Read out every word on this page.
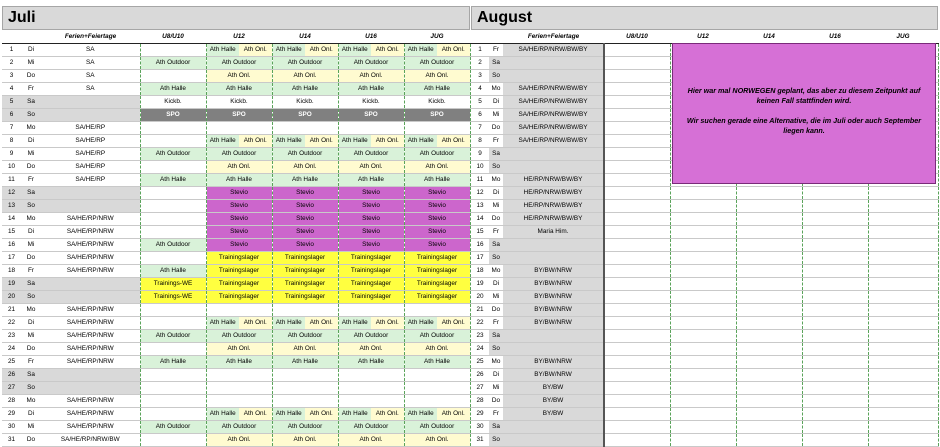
Juli	August
		Ferien+Feiertage	U8/U10	U12	U14	U16	JUG
1	Di	SA		Ath Halle Ath Onl.	Ath Halle Ath Onl.	Ath Halle Ath Onl.	Ath Halle Ath Onl.

2	Mi	SA	Ath Outdoor	Ath Outdoor	Ath Outdoor	Ath Outdoor	Ath Outdoor
3	Do	SA		Ath Onl.	Ath Onl.	Ath Onl.	Ath Onl.
4	Fr	SA	Ath Halle	Ath Halle	Ath Halle	Ath Halle	Ath Halle
5	Sa		Kickb.	Kickb.	Kickb.	Kickb.	Kickb.
6	So		SPO	SPO	SPO	SPO	SPO
7	Mo	SA/HE/RP					
8	Di	SA/HE/RP		Ath Halle Ath Onl.	Ath Halle Ath Onl.	Ath Halle Ath Onl.	Ath Halle Ath Onl.

9	Mi	SA/HE/RP	Ath Outdoor	Ath Outdoor	Ath Outdoor	Ath Outdoor	Ath Outdoor
10	Do	SA/HE/RP		Ath Onl.	Ath Onl.	Ath Onl.	Ath Onl.
11	Fr	SA/HE/RP	Ath Halle	Ath Halle	Ath Halle	Ath Halle	Ath Halle
12	Sa			Stevio	Stevio	Stevio	Stevio
13	So			Stevio	Stevio	Stevio	Stevio
14	Mo	SA/HE/RP/NRW		Stevio	Stevio	Stevio	Stevio
15	Di	SA/HE/RP/NRW		Stevio	Stevio	Stevio	Stevio
16	Mi	SA/HE/RP/NRW	Ath Outdoor	Stevio	Stevio	Stevio	Stevio
17	Do	SA/HE/RP/NRW		Trainingslager	Trainingslager	Trainingslager	Trainingslager
18	Fr	SA/HE/RP/NRW	Ath Halle	Trainingslager	Trainingslager	Trainingslager	Trainingslager
19	Sa		Trainings-WE	Trainingslager	Trainingslager	Trainingslager	Trainingslager
20	So		Trainings-WE	Trainingslager	Trainingslager	Trainingslager	Trainingslager
21	Mo	SA/HE/RP/NRW					
22	Di	SA/HE/RP/NRW		Ath Halle Ath Onl.	Ath Halle Ath Onl.	Ath Halle Ath Onl.	Ath Halle Ath Onl.

23	Mi	SA/HE/RP/NRW	Ath Outdoor	Ath Outdoor	Ath Outdoor	Ath Outdoor	Ath Outdoor
24	Do	SA/HE/RP/NRW		Ath Onl.	Ath Onl.	Ath Onl.	Ath Onl.
25	Fr	SA/HE/RP/NRW	Ath Halle	Ath Halle	Ath Halle	Ath Halle	Ath Halle
26	Sa						
27	So						
28	Mo	SA/HE/RP/NRW					
29	Di	SA/HE/RP/NRW		Ath Halle Ath Onl.	Ath Halle Ath Onl.	Ath Halle Ath Onl.	Ath Halle Ath Onl.

30	Mi	SA/HE/RP/NRW	Ath Outdoor	Ath Outdoor	Ath Outdoor	Ath Outdoor	Ath Outdoor
31	Do	SA/HE/RP/NRW/BW		Ath Onl.	Ath Onl.	Ath Onl.	Ath Onl.
		Ferien+Feiertage	U8/U10	U12	U14	U16	JUG
1	Fr	SA/HE/RP/NRW/BW/BY					
2	Sa						
3	So						
4	Mo	SA/HE/RP/NRW/BW/BY					
5	Di	SA/HE/RP/NRW/BW/BY					
6	Mi	SA/HE/RP/NRW/BW/BY					
7	Do	SA/HE/RP/NRW/BW/BY					
8	Fr	SA/HE/RP/NRW/BW/BY					
9	Sa						
10	So						
11	Mo	HE/RP/NRW/BW/BY					
12	Di	HE/RP/NRW/BW/BY					
13	Mi	HE/RP/NRW/BW/BY					
14	Do	HE/RP/NRW/BW/BY					
15	Fr	Maria Him.					
16	Sa						
17	So						
18	Mo	BY/BW/NRW					
19	Di	BY/BW/NRW					
20	Mi	BY/BW/NRW					
21	Do	BY/BW/NRW					
22	Fr	BY/BW/NRW					
23	Sa						
24	So						
25	Mo	BY/BW/NRW					
26	Di	BY/BW/NRW					
27	Mi	BY/BW					
28	Do	BY/BW					
29	Fr	BY/BW					
30	Sa						
31	So						

Hier war mal NORWEGEN geplant, das aber zu diesem Zeitpunkt auf keinen Fall stattfinden wird.

Wir suchen gerade eine Alternative, die im Juli oder auch September liegen kann.
